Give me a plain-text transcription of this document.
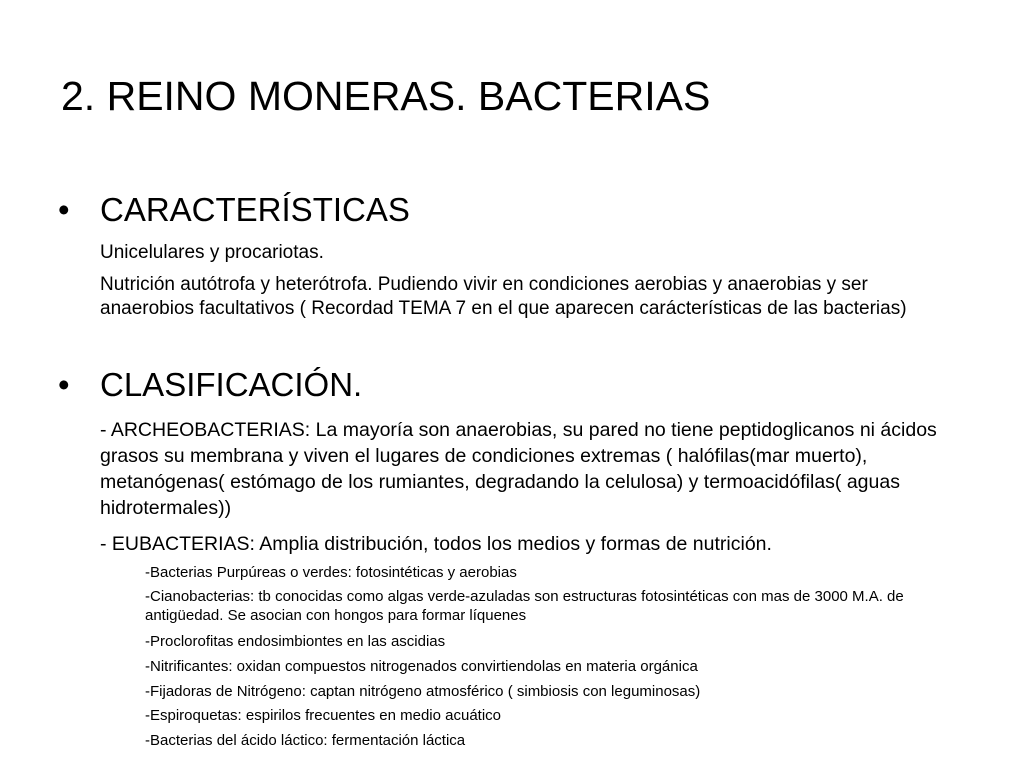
2. REINO MONERAS. BACTERIAS
• CARACTERÍSTICAS
Unicelulares y procariotas.
Nutrición autótrofa y heterótrofa. Pudiendo vivir en condiciones aerobias y anaerobias y ser anaerobios facultativos ( Recordad TEMA 7 en el que aparecen carácterísticas de las bacterias)
• CLASIFICACIÓN.
- ARCHEOBACTERIAS: La mayoría son anaerobias, su pared no tiene peptidoglicanos ni ácidos grasos su membrana y viven el lugares de condiciones extremas ( halófilas(mar muerto), metanógenas( estómago de los rumiantes, degradando la celulosa) y termoacidófilas( aguas hidrotermales))
- EUBACTERIAS: Amplia distribución, todos los medios y formas de nutrición.
-Bacterias Purpúreas o verdes: fotosintéticas y aerobias
-Cianobacterias: tb conocidas como algas verde-azuladas son estructuras fotosintéticas con mas de 3000 M.A. de antigüedad. Se asocian con hongos para formar líquenes
-Proclorofitas endosimbiontes en las ascidias
-Nitrificantes: oxidan compuestos nitrogenados convirtiendolas en materia orgánica
-Fijadoras de Nitrógeno: captan nitrógeno atmosférico ( simbiosis con leguminosas)
-Espiroquetas: espirilos frecuentes en medio acuático
-Bacterias del ácido láctico: fermentación láctica
